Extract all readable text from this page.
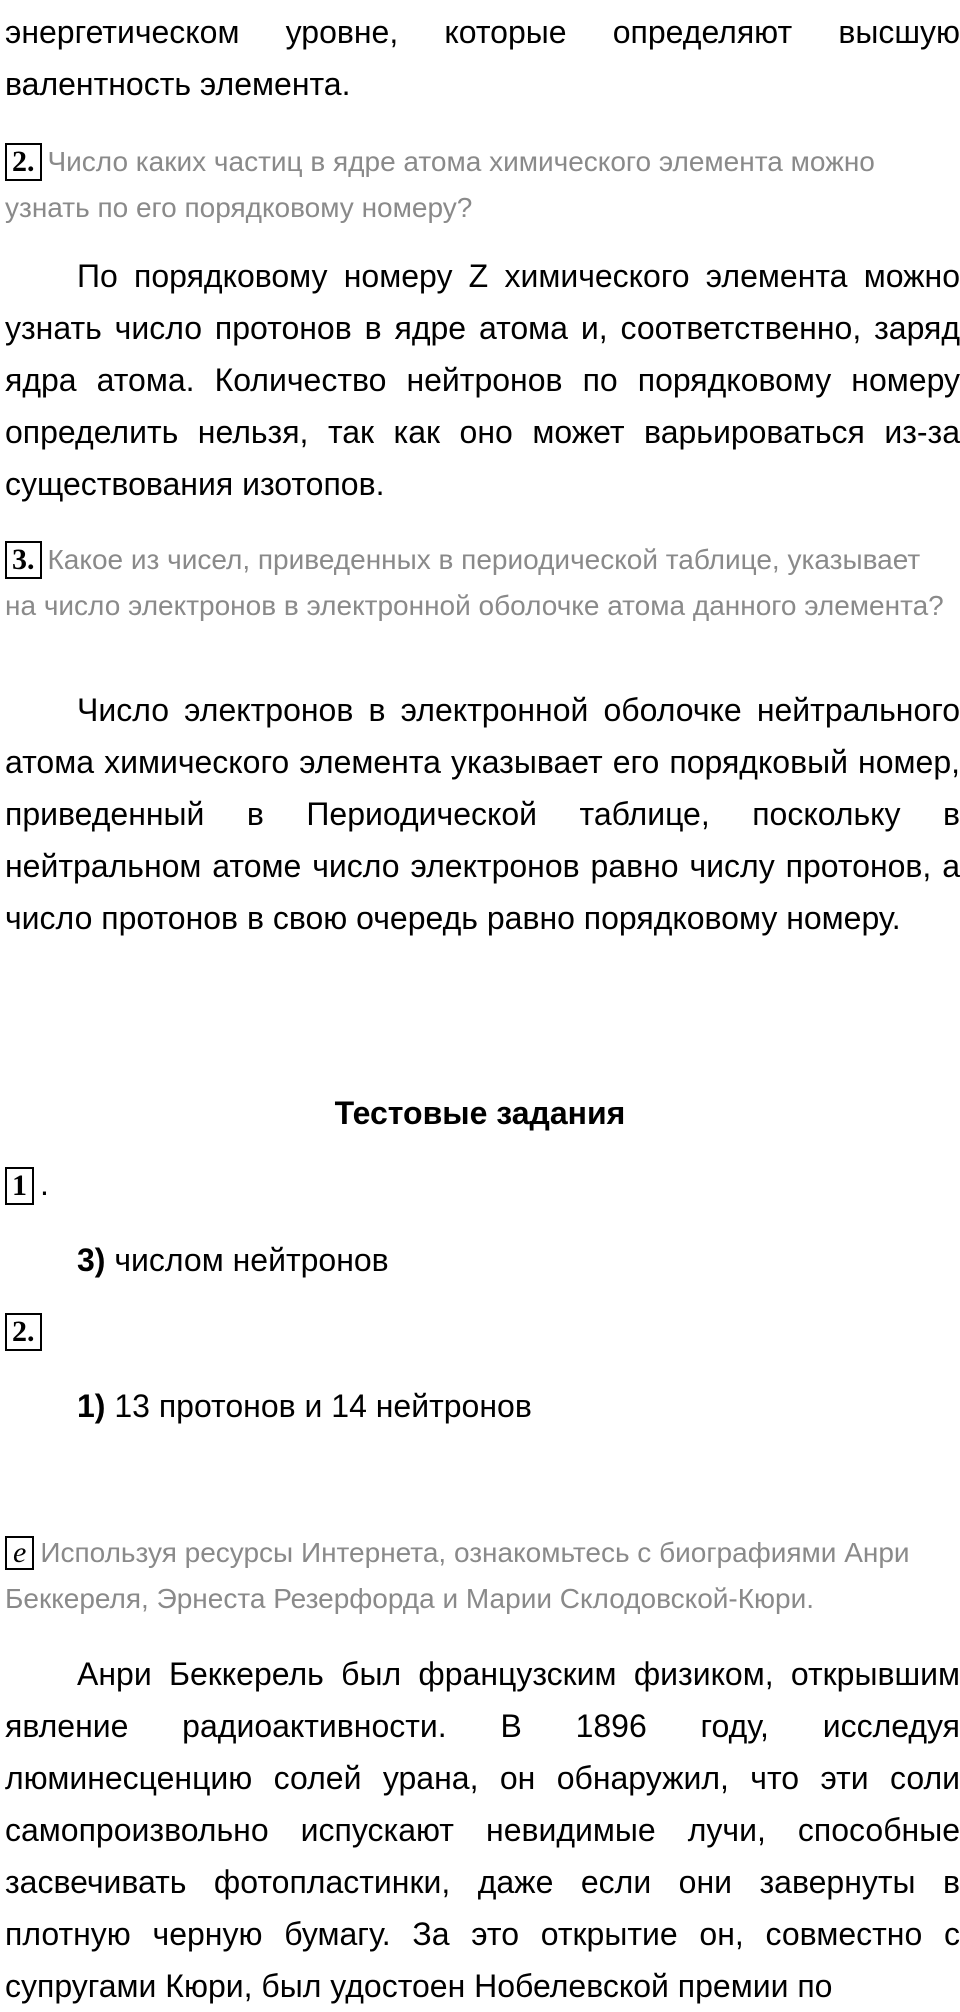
энергетическом уровне, которые определяют высшую валентность элемента.

2. Число каких частиц в ядре атома химического элемента можно узнать по его порядковому номеру?

По порядковому номеру Z химического элемента можно узнать число протонов в ядре атома и, соответственно, заряд ядра атома. Количество нейтронов по порядковому номеру определить нельзя, так как оно может варьироваться из-за существования изотопов.

3. Какое из чисел, приведенных в периодической таблице, указывает на число электронов в электронной оболочке атома данного элемента?

Число электронов в электронной оболочке нейтрального атома химического элемента указывает его порядковый номер, приведенный в Периодической таблице, поскольку в нейтральном атоме число электронов равно числу протонов, а число протонов в свою очередь равно порядковому номеру.

Тестовые задания
1 .

3) числом нейтронов

2.

1) 13 протонов и 14 нейтронов

e Используя ресурсы Интернета, ознакомьтесь с биографиями Анри Беккереля, Эрнеста Резерфорда и Марии Склодовской-Кюри.

Анри Беккерель был французским физиком, открывшим явление радиоактивности. В 1896 году, исследуя люминесценцию солей урана, он обнаружил, что эти соли самопроизвольно испускают невидимые лучи, способные засвечивать фотопластинки, даже если они завернуты в плотную черную бумагу. За это открытие он, совместно с супругами Кюри, был удостоен Нобелевской премии по
